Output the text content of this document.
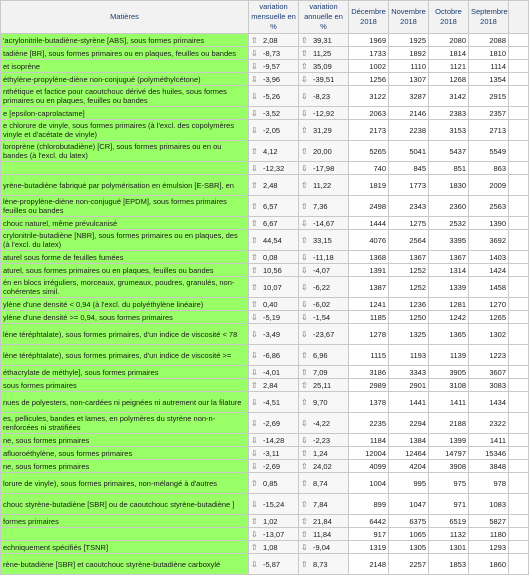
Matières	variation mensuelle en %	variation annuelle en %	Décembre 2018	Novembre 2018	Octobre 2018	Septembre 2018	
'acrylonitrile-butadiène-styrène [ABS], sous formes primaires	⇧ 2,08	⇧ 39,31	1969	1925	2080	2088	
tadiène [BR], sous formes primaires ou en plaques, feuilles ou bandes	⇩ -8,73	⇧ 11,25	1733	1892	1814	1810	
et isoprène	⇩ -9,57	⇧ 35,09	1002	1110	1121	1114	
éthylène-propylène-diène non-conjugué (polyméthylcétone)	⇩ -3,96	⇩ -39,51	1256	1307	1268	1354	
nthétique et factice pour caoutchouc dérivé des huiles, sous formes primaires ou en plaques, feuilles ou bandes	⇩ -5,26	⇩ -8,23	3122	3287	3142	2915	
e [epsilon-caprolactame]	⇩ -3,52	⇩ -12,92	2063	2146	2383	2357	
e chlorure de vinyle, sous formes primaires (à l'excl. des copolymères vinyle et d'acétate de vinyle)	⇩ -2,05	⇧ 31,29	2173	2238	3153	2713	
loroprène (chlorobutadiène) [CR], sous formes primaires ou en ou bandes (à l'excl. du latex)	⇧ 4,12	⇧ 20,00	5265	5041	5437	5549	
	⇩ -12,32	⇩ -17,98	740	845	851	863	
yrène-butadiène fabriqué par polymérisation en émulsion [E-SBR], en	⇧ 2,48	⇧ 11,22	1819	1773	1830	2009	
lène-propylène-diène non-conjugué [EPDM], sous formes primaires feuilles ou bandes	⇧ 6,57	⇧ 7,36	2498	2343	2360	2563	
chouc naturel, même prévulcanisé	⇧ 6,67	⇩ -14,67	1444	1275	2532	1390	
crylonitrile-butadiène [NBR], sous formes primaires ou en plaques, des (à l'excl. du latex)	⇧ 44,54	⇧ 33,15	4076	2564	3395	3692	
aturel sous forme de feuilles fumées	⇧ 0,08	⇩ -11,18	1368	1367	1367	1403	
aturel, sous formes primaires ou en plaques, feuilles ou bandes	⇧ 10,56	⇩ -4,07	1391	1252	1314	1424	
én en blocs irréguliers, morceaux, grumeaux, poudres, granulés, non-cohérentes simil.	⇧ 10,07	⇩ -6,22	1387	1252	1339	1458	
ylène d'une densité < 0,94 (à l'excl. du polyéthylène linéaire)	⇧ 0,40	⇩ -6,02	1241	1236	1281	1270	
ylène d'une densité >= 0,94, sous formes primaires	⇩ -5,19	⇩ -1,54	1185	1250	1242	1265	
lène téréphtalate), sous formes primaires, d'un indice de viscosité < 78	⇩ -3,49	⇩ -23,67	1278	1325	1365	1302	
lène téréphtalate), sous formes primaires, d'un indice de viscosité >=	⇩ -6,86	⇧ 6,96	1115	1193	1139	1223	
éthacrylate de méthyle], sous formes primaires	⇩ -4,01	⇧ 7,09	3186	3343	3905	3607	
sous formes primaires	⇧ 2,84	⇧ 25,11	2989	2901	3108	3083	
nues de polyesters, non-cardées ni peignées ni autrement our la filature	⇩ -4,51	⇧ 9,70	1378	1441	1411	1434	
es, pellicules, bandes et lames, en polymères du styrène non-n-renforcées ni stratifiées	⇩ -2,69	⇩ -4,22	2235	2294	2188	2322	
ne, sous formes primaires	⇩ -14,28	⇩ -2,23	1184	1384	1399	1411	
afluoroéthylène, sous formes primaires	⇩ -3,11	⇧ 1,24	12004	12464	14797	15346	
ne, sous formes primaires	⇩ -2,69	⇧ 24,02	4099	4204	3908	3848	
lorure de vinyle), sous formes primaires, non-mélangé à d'autres	⇧ 0,85	⇧ 8,74	1004	995	975	978	
chouc styrène-butadiène [SBR] ou de caoutchouc styrène-butadiène ]	⇩ -15,24	⇧ 7,84	899	1047	971	1083	
formes primaires	⇧ 1,02	⇧ 21,84	6442	6375	6519	5827	
	⇩ -13,07	⇧ 11,84	917	1065	1132	1180	
echniquement spécifiés [TSNR]	⇧ 1,08	⇩ -9,04	1319	1305	1301	1293	
rène-butadiène [SBR] et caoutchouc styrène-butadiène carboxylé	⇩ -5,87	⇧ 8,73	2148	2257	1853	1860	
